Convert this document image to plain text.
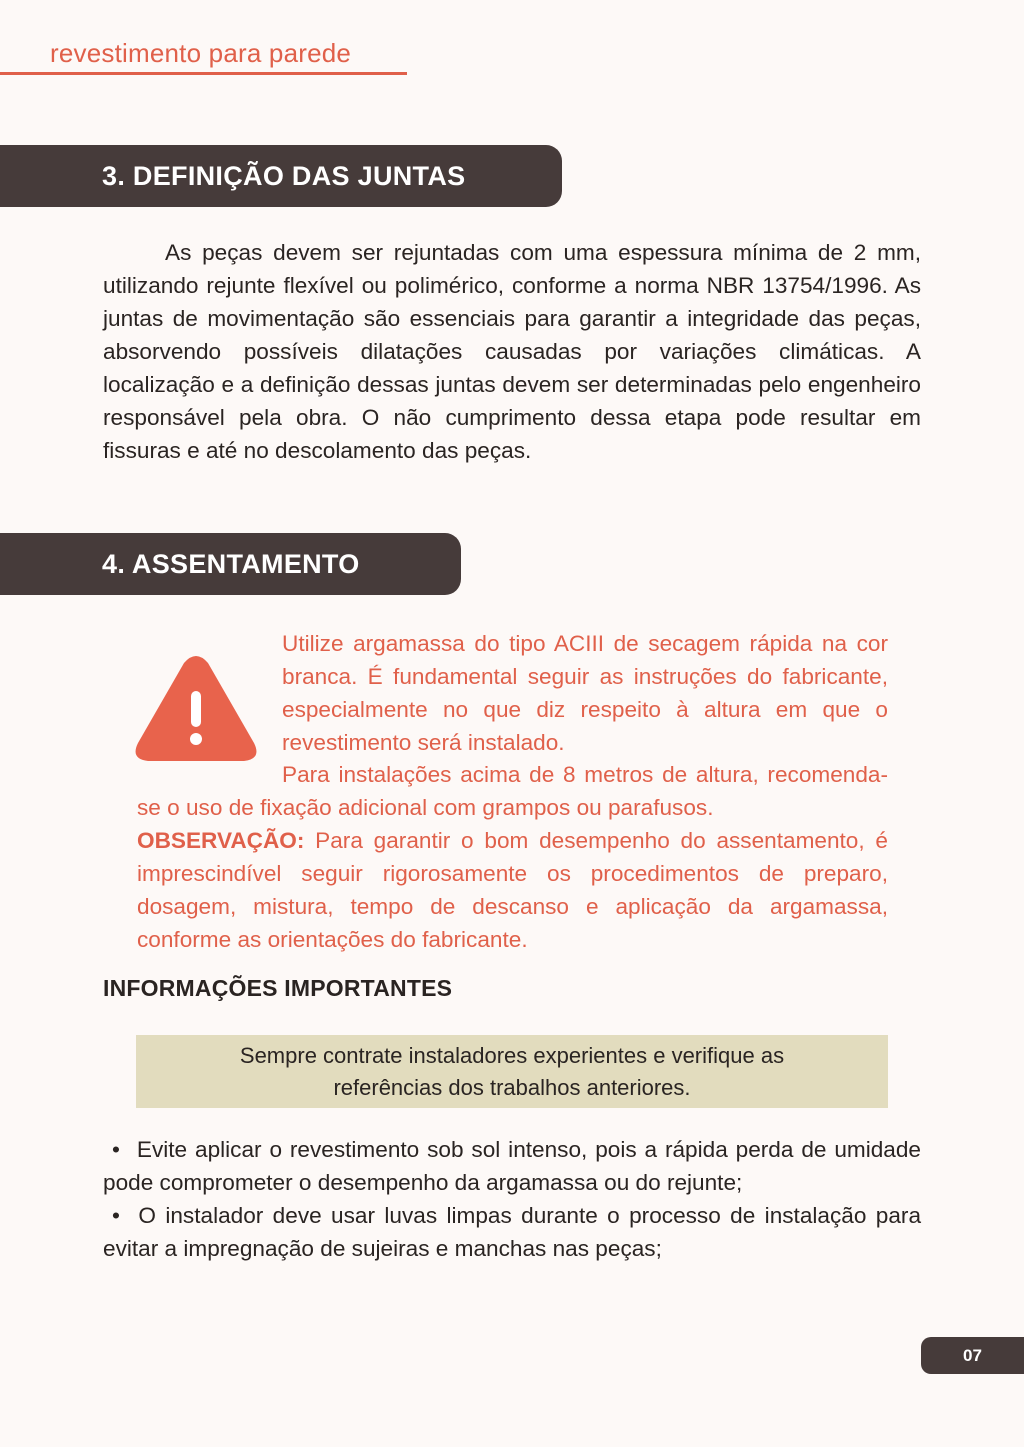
revestimento para parede
3. DEFINIÇÃO DAS JUNTAS

As peças devem ser rejuntadas com uma espessura mínima de 2 mm, utilizando rejunte flexível ou polimérico, conforme a norma NBR 13754/1996. As juntas de movimentação são essenciais para garantir a integridade das peças, absorvendo possíveis dilatações causadas por variações climáticas. A localização e a definição dessas juntas devem ser determinadas pelo engenheiro responsável pela obra. O não cumprimento dessa etapa pode resultar em fissuras e até no descolamento das peças.

4. ASSENTAMENTO

Utilize argamassa do tipo ACIII de secagem rápida na cor branca. É fundamental seguir as instruções do fabricante, especialmente no que diz respeito à altura em que o revestimento será instalado.

Para instalações acima de 8 metros de altura, recomenda-se o uso de fixação adicional com grampos ou parafusos.

OBSERVAÇÃO: Para garantir o bom desempenho do assentamento, é imprescindível seguir rigorosamente os procedimentos de preparo, dosagem, mistura, tempo de descanso e aplicação da argamassa, conforme as orientações do fabricante.

INFORMAÇÕES IMPORTANTES
Sempre contrate instaladores experientes e verifique as referências dos trabalhos anteriores.
• Evite aplicar o revestimento sob sol intenso, pois a rápida perda de umidade pode comprometer o desempenho da argamassa ou do rejunte;
• O instalador deve usar luvas limpas durante o processo de instalação para evitar a impregnação de sujeiras e manchas nas peças;
07
